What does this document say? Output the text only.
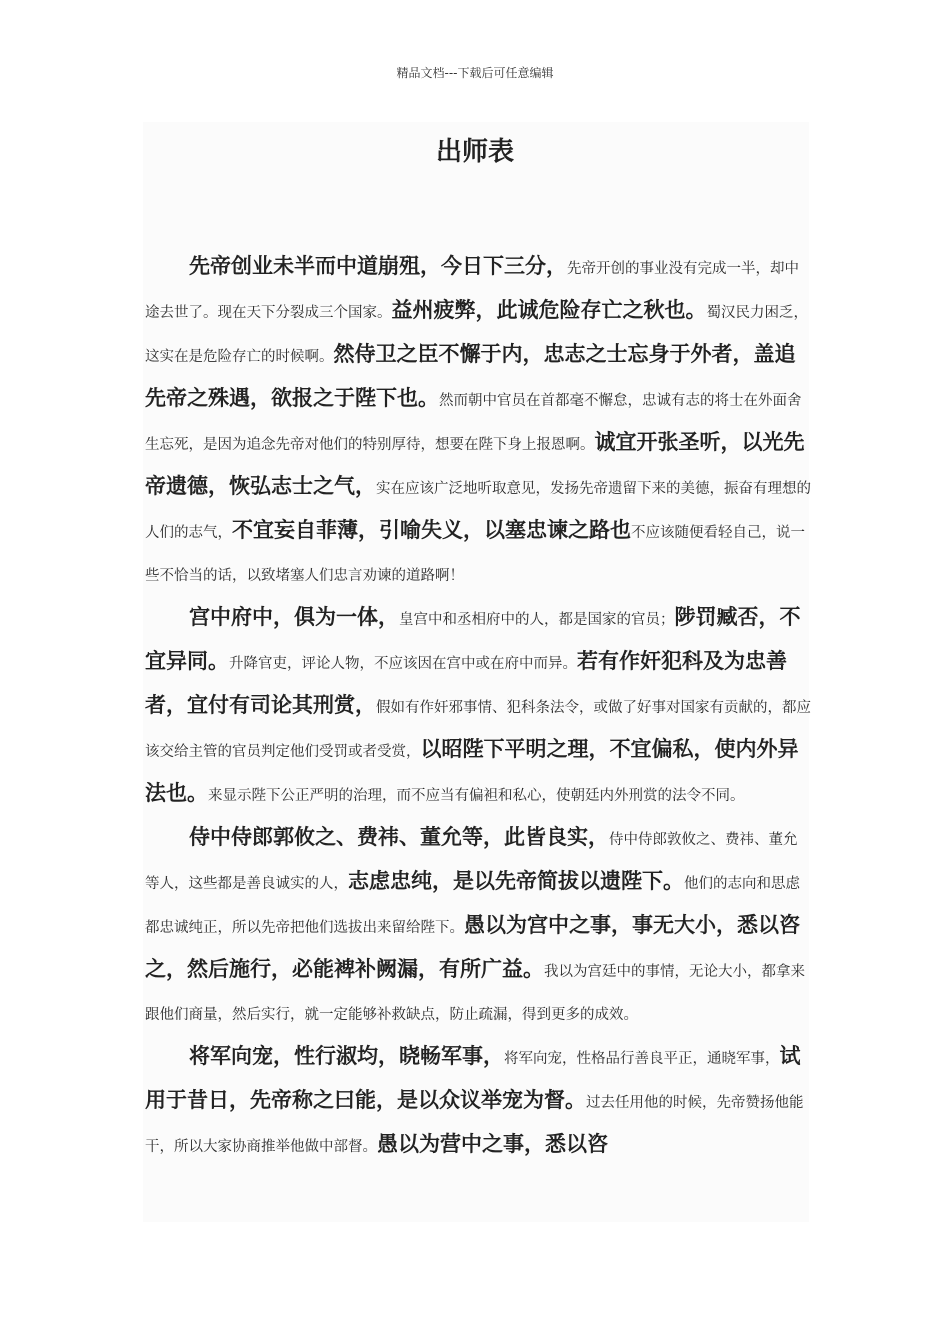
精品文档---下载后可任意编辑
出师表

先帝创业未半而中道崩殂，今日下三分，先帝开创的事业没有完成一半，却中途去世了。现在天下分裂成三个国家。益州疲弊，此诚危险存亡之秋也。蜀汉民力困乏，这实在是危险存亡的时候啊。然侍卫之臣不懈于内，忠志之士忘身于外者，盖追先帝之殊遇，欲报之于陛下也。然而朝中官员在首都毫不懈怠，忠诚有志的将士在外面舍生忘死，是因为追念先帝对他们的特别厚待，想要在陛下身上报恩啊。诚宜开张圣听，以光先帝遗德，恢弘志士之气，实在应该广泛地听取意见，发扬先帝遗留下来的美德，振奋有理想的人们的志气，不宜妄自菲薄，引喻失义，以塞忠谏之路也不应该随便看轻自己，说一些不恰当的话，以致堵塞人们忠言劝谏的道路啊！

宫中府中，俱为一体，皇宫中和丞相府中的人，都是国家的官员；陟罚臧否，不宜异同。升降官吏，评论人物，不应该因在宫中或在府中而异。若有作奸犯科及为忠善者，宜付有司论其刑赏，假如有作奸邪事情、犯科条法令，或做了好事对国家有贡献的，都应该交给主管的官员判定他们受罚或者受赏，以昭陛下平明之理，不宜偏私，使内外异法也。来显示陛下公正严明的治理，而不应当有偏袒和私心，使朝廷内外刑赏的法令不同。

侍中侍郎郭攸之、费祎、董允等，此皆良实，侍中侍郎敦攸之、费祎、董允等人，这些都是善良诚实的人，志虑忠纯，是以先帝简拔以遗陛下。他们的志向和思虑都忠诚纯正，所以先帝把他们选拔出来留给陛下。愚以为宫中之事，事无大小，悉以咨之，然后施行，必能裨补阙漏，有所广益。我以为宫廷中的事情，无论大小，都拿来跟他们商量，然后实行，就一定能够补救缺点，防止疏漏，得到更多的成效。

将军向宠，性行淑均，晓畅军事，将军向宠，性格品行善良平正，通晓军事，试用于昔日，先帝称之曰能，是以众议举宠为督。过去任用他的时候，先帝赞扬他能干，所以大家协商推举他做中部督。愚以为营中之事，悉以咨
